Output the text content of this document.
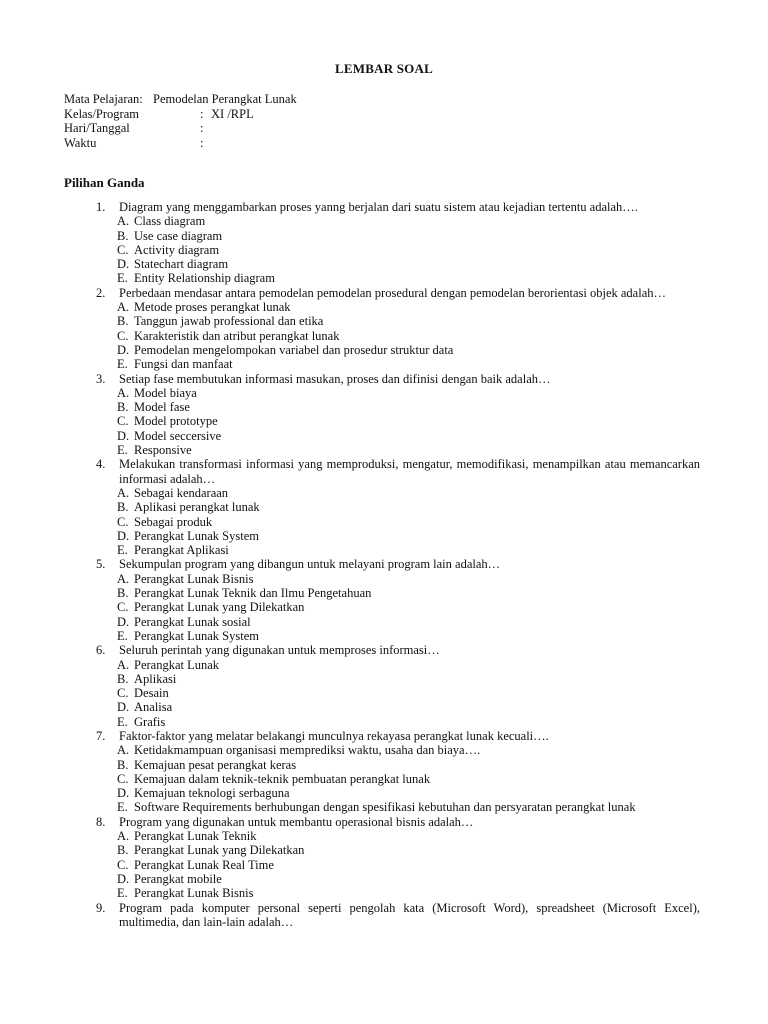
LEMBAR SOAL
Mata Pelajaran: Pemodelan Perangkat Lunak
Kelas/Program	: XI /RPL
Hari/Tanggal	:
Waktu	:
Pilihan Ganda
1.	Diagram yang menggambarkan proses yanng berjalan dari suatu sistem atau kejadian tertentu adalah….
A. Class diagram
B. Use case diagram
C. Activity diagram
D. Statechart diagram
E. Entity Relationship diagram
2.	Perbedaan mendasar antara pemodelan pemodelan prosedural dengan pemodelan berorientasi objek adalah…
A. Metode proses perangkat lunak
B. Tanggun jawab professional dan etika
C. Karakteristik dan atribut perangkat lunak
D. Pemodelan mengelompokan variabel dan prosedur struktur data
E. Fungsi dan manfaat
3.	Setiap fase membutukan informasi masukan, proses dan difinisi dengan baik adalah…
A. Model biaya
B. Model fase
C. Model prototype
D. Model seccersive
E. Responsive
4.	Melakukan transformasi informasi yang memproduksi, mengatur, memodifikasi, menampilkan atau memancarkan informasi adalah…
A. Sebagai kendaraan
B. Aplikasi perangkat lunak
C. Sebagai produk
D. Perangkat Lunak System
E. Perangkat Aplikasi
5.	Sekumpulan program yang dibangun untuk melayani program lain adalah…
A. Perangkat Lunak Bisnis
B. Perangkat Lunak Teknik dan Ilmu Pengetahuan
C. Perangkat Lunak yang Dilekatkan
D. Perangkat Lunak sosial
E. Perangkat Lunak System
6.	Seluruh perintah yang digunakan untuk memproses informasi…
A. Perangkat Lunak
B. Aplikasi
C. Desain
D. Analisa
E. Grafis
7.	Faktor-faktor yang melatar belakangi munculnya rekayasa perangkat lunak kecuali….
A. Ketidakmampuan organisasi memprediksi waktu, usaha dan biaya….
B. Kemajuan pesat perangkat keras
C. Kemajuan dalam teknik-teknik pembuatan perangkat lunak
D. Kemajuan teknologi serbaguna
E. Software Requirements berhubungan dengan spesifikasi kebutuhan dan persyaratan perangkat lunak
8.	Program yang digunakan untuk membantu operasional bisnis adalah…
A. Perangkat Lunak Teknik
B. Perangkat Lunak yang Dilekatkan
C. Perangkat Lunak Real Time
D. Perangkat mobile
E. Perangkat Lunak Bisnis
9.	Program pada komputer personal seperti pengolah kata (Microsoft Word), spreadsheet (Microsoft Excel), multimedia, dan lain-lain adalah…
